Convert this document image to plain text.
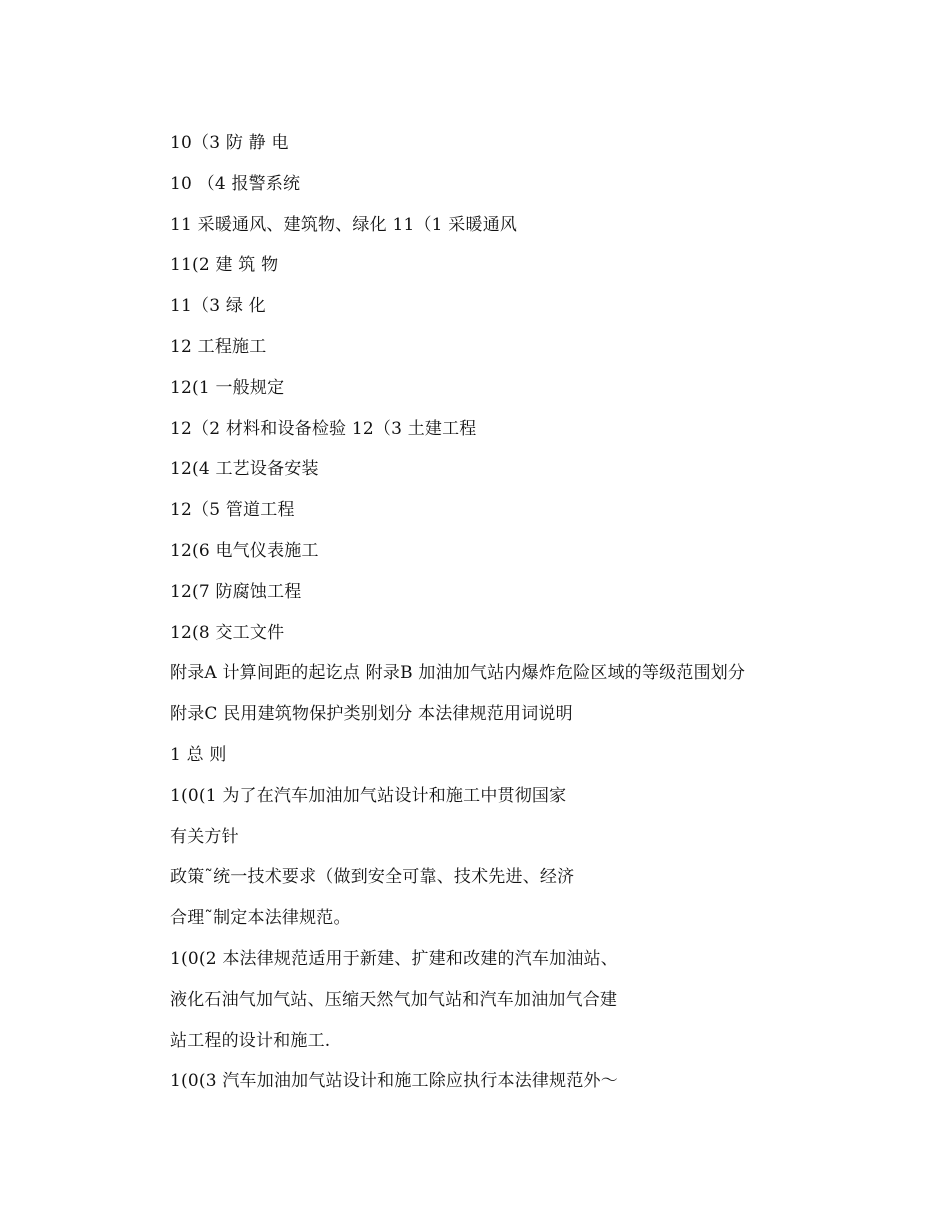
10（3 防 静 电
10 （4 报警系统
11 采暖通风、建筑物、绿化 11（1 采暖通风
11(2 建 筑 物
11（3 绿 化
12 工程施工
12(1 一般规定
12（2 材料和设备检验 12（3 土建工程
12(4 工艺设备安装
12（5 管道工程
12(6 电气仪表施工
12(7 防腐蚀工程
12(8 交工文件
附录A 计算间距的起讫点 附录B 加油加气站内爆炸危险区域的等级范围划分
附录C 民用建筑物保护类别划分 本法律规范用词说明
1 总 则
1(0(1 为了在汽车加油加气站设计和施工中贯彻国家
有关方针
政策˜统一技术要求（做到安全可靠、技术先进、经济
合理˜制定本法律规范。
1(0(2 本法律规范适用于新建、扩建和改建的汽车加油站、
液化石油气加气站、压缩天然气加气站和汽车加油加气合建
站工程的设计和施工.
1(0(3 汽车加油加气站设计和施工除应执行本法律规范外～
